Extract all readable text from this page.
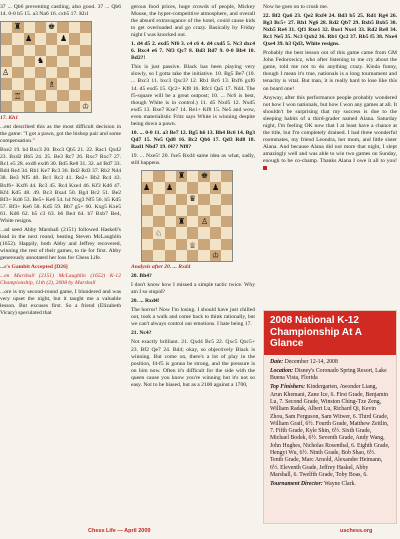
37 ... Qb6 preventing castling, also good. 37 ... Qb6 14. 0-0 b5 15. a3 Na6 16. cxb5 17. Kh1

♜	♚
♟	♟
♞
♙
♗
♖
♔

17. Kh1

...ent described this as the most difficult decision in the game: "I got a pawn, got the bishop pair and some compensation."

Bxe2 19. b4 Bxc3 20. Bxc3 Qb5 21. 22. Rac1 Qxd2 23. Bxd2 Bb5 24. 25. Be3 Rc7 26. Rxc7 Rxc7 27. Rc1 e5 28. exd6 exd6 30. Bd5 Re8 31. 32. a4 Bd7 33. Bd4 Re4 34. Rb1 Ke7 Rc3 36. Bd2 Rd3 37. Rb2 Nd4 38. Be3 Nf5 40. Bc1 Rc3 41. Re2+ Bb2 Rc4 43. Bxf6+ Kxf6 44. Rc3 45. Rc4 Kxe4 46. Kf3 Kd6 47. Kf4 Kd5 48. 49. Bc3 Bxa4 50. Bg4 Bc2 51. Be2 Bf3+ Kd6 53. Be5+ Ke6 54. h4 Nxg3 Nf5 56. h5 Kd5 57. Bf3+ Ke6 58. Kd5 59. Bb7 g5+ 60. Kxg5 Kxe5 61. Kd6 62. b5 c3 63. b6 Be4 64. b7 Bxb7 Be4, White resigns.

...ad seed Abby Marshall (2151) followed Haskell's lead in the next round, beating Steven McLaughlin (1652). Happily, both Abby and Jeffrey recovered, winning the rest of their games, to tie for first. Abby generously annotated her loss for Chess Life.

...s's Gambit Accepted [D26]

...en Marshall (2151) McLaughlin (1652) K-12 Championship, 11th (2), 2008 by Marshall

...ore is my second-round game, I blundered and was very upset the night, but it taught me a valuable lesson. But excuses first. So a friend (Elizabeth Vicary) speculated that

gerous food prices, huge crowds of people, Mickey Mouse, the hyper-competitive atmosphere, and overall the absurd extravagance of the hotel, could cause kids to get overloaded and go crazy. Basically by Friday night I was knocked out.

1. d4 d5 2. exd5 Nf6 3. c4 c6 4. d4 cxd5 5. Nc3 dxc4 6. Bxc4 e6 7. Nf3 Qc7 8. Bd3 Bd7 9. 0-0 Bb4 10. Bd2?!

This is just passive. Black has been playing very slowly, so I gotta take the initiative. 10. Bg5 Be7 (10. ... Bxc3 11. bxc3 Qxc3? 12. Rb1 Bc6 13. Bxf6 gxf6 14. d5 exd5 15. Qc2+ Kf8 16. Rfc1 Qa5 17. Nd4. The f5-square will be a great outpost; 10. ... Nc6 is best, though White is in control.) 11. d5 Nxd5 12. Nxd5 exd5 13. Bxe7 Kxe7 14. Re1+ Kf8 15. Ne5 and wow, even materialistic Fritz says White is winning despite being down a pawn.

10. ... 0-0 11. a3 Be7 12. Bg5 h6 13. Bh4 Bc6 14. Bg3 Qd7 15. Ne5 Qd8 16. Bc2 Qb6 17. Qd3 Rd8 18. Rad1 Nbd7 19. f4?? Nf8?

19. ... Nxe5! 20. fxe5 Rxd4 same idea as what, sadly, still happens.

♜ ♚
♟ ♟	♟
♛
♜ ♙
♘
♕
♔

Analysis after 20. ... Rxd4

20. Bh4?

I don't know how I missed a simple tactic twice. Why am I so stupid?

20. ... Rxd4!

The horror! Now I'm losing. I should have just chilled out, took a walk and come back to think rationally, but we can't always control our emotions. I hate being 17.

21. Nc4?

Not exactly brilliant. 21. Qxd4 Bc5 22. Qxc5 Qxc5+ 23. Bf2 Qe7 24. Bd4; okay, so objectively Black is winning. But come on, there's a lot of play in the position, f4-f5 is gonna be strong, and the pressure is on him now. Often it's difficult for the side with the queen cause you know you're winning but it's not so easy. Not to be biased, but as a 2100 against a 1700,

Now he goes on to crush me.

22. Bf2 Qa6 23. Qe2 Rxf4 24. Bd3 b5 25. Rd1 Rg4 26. Bg3 Bc5+ 27. Rh1 Ng6 28. Rd2 Qb7 29. Bxb5 Bxb5 30. Nxb5 Re4 31. Qf1 Rxe1 32. Bxe1 Nxe1 33. Rd2 Re8 34. Rc1 Ne5 35. Nc3 Qxb2 36. Rb1 Qc2 37. Rb5 f5 38. Nxe4 Qxe4 39. h3 Qd3, White resigns.

Probably the best lesson out of this game came from GM John Fedorowicz, who after listening to me cry about the game, told me not to do anything crazy. Kinda funny, though I mean it's true, nationals is a long tournament and tenacity is vital. But man, it is really hard to lose like this on board one!

Anyway, after this performance people probably wondered not how I won nationals, but how I won any games at all. It shouldn't be surprising that my success is due to the sleeping habits of a third-grader named Alana. Saturday night, I'm feeling OK now that I at least have a chance at the title, but I'm completely drained. I had three wonderful roommates, my friend Leondra, her mom, and little sister Alana. And because Alana did not more that night, I slept amazingly well and was able to win two games on Sunday, enough to be co-champ. Thanks Alana I owe it all to you!

2008 National K-12 Championship At A Glance

Date: December 12-14, 2008

Location: Disney's Coronado Spring Resort, Lake Buena Vista, Florida

Top Finishers: Kindergarten, Awonder Liang, Arun Khemani, Zane Ice, 6. First Grade, Benjamin Lu, 7. Second Grade, Winston Ching-Tze Zeng, William Radak, Albert Lu, Richard Qi, Kevin Zhou, Sam Ferguson, Sam Witwer, 6. Third Grade, William Graif, 6½. Fourth Grade, Matthew Zeitlin, 7. Fifth Grade, Kyle Shin, 6½. Sixth Grade, Michael Bodek, 6½. Seventh Grade, Andy Wang, John Hughes, Nicholas Rosenthal, 6. Eighth Grade, Hengyi Wu, 6½. Ninth Grade, Bob Shao, 6½. Tenth Grade, Marc Arnold, Alexander Heimann, 6½. Eleventh Grade, Jeffrey Haskel, Abby Marshall, 6. Twelfth Grade, Toby Boas, 6.

Tournament Director: Wayne Clark.

Chess Life — April 2009	uschess.org
